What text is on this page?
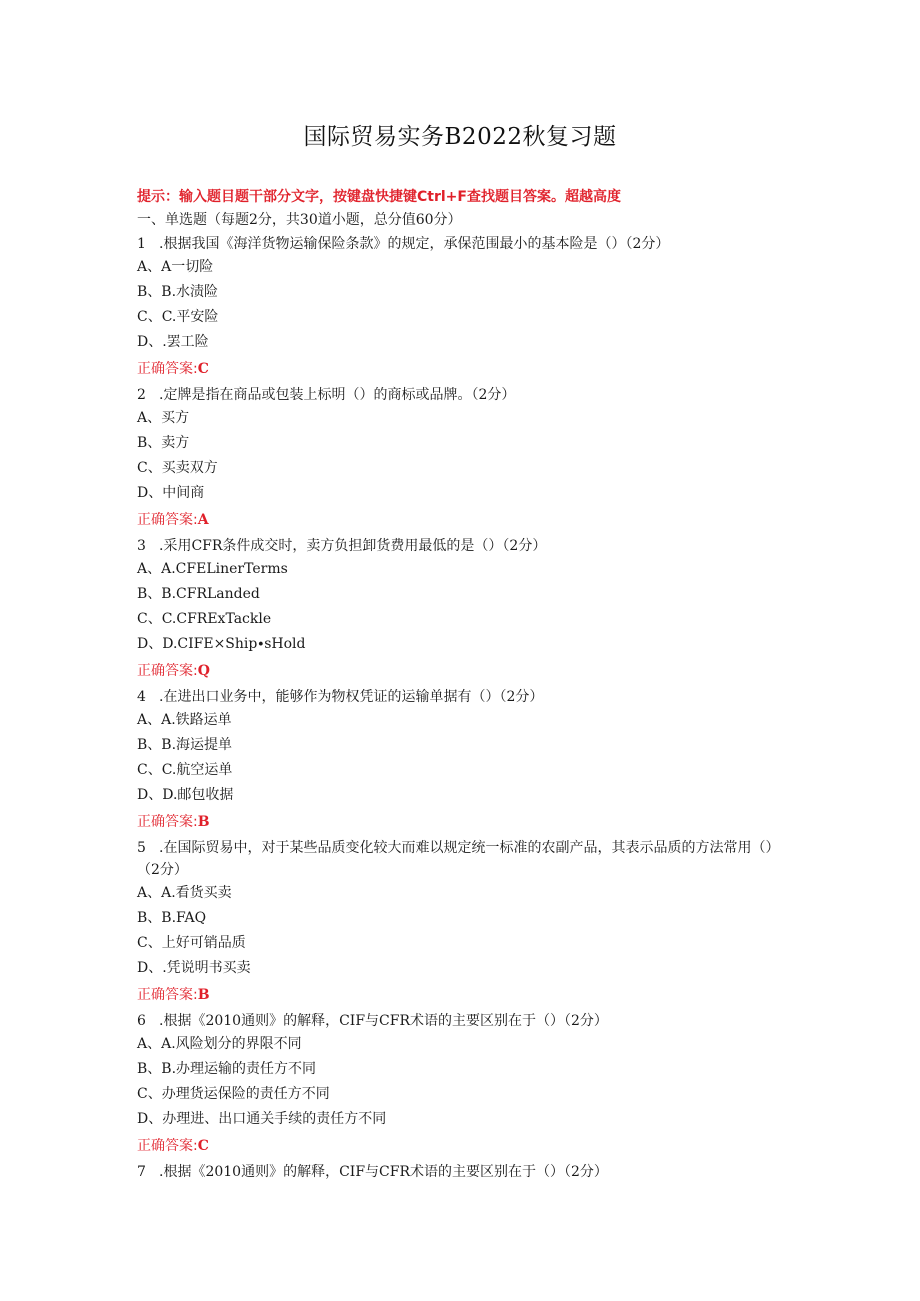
国际贸易实务B2022秋复习题
提示：输入题目题干部分文字，按键盘快捷键Ctrl+F查找题目答案。超越高度
一、单选题（每题2分，共30道小题，总分值60分）

1 .根据我国《海洋货物运输保险条款》的规定，承保范围最小的基本险是（）（2分）

A、A一切险

B、B.水渍险

C、C.平安险

D、.罢工险

正确答案:C

2 .定牌是指在商品或包装上标明（）的商标或品牌。（2分）

A、买方

B、卖方

C、买卖双方

D、中间商

正确答案:A

3 .采用CFR条件成交时，卖方负担卸货费用最低的是（）（2分）

A、A.CFELinerTerms

B、B.CFRLanded

C、C.CFRExTackle

D、D.CIFE×Ship∙sHold

正确答案:Q

4 .在进出口业务中，能够作为物权凭证的运输单据有（）（2分）

A、A.铁路运单

B、B.海运提单

C、C.航空运单

D、D.邮包收据

正确答案:B

5 .在国际贸易中，对于某些品质变化较大而难以规定统一标准的农副产品，其表示品质的方法常用（）（2分）

A、A.看货买卖

B、B.FAQ

C、上好可销品质

D、.凭说明书买卖

正确答案:B

6 .根据《2010通则》的解释，CIF与CFR术语的主要区别在于（）（2分）

A、A.风险划分的界限不同

B、B.办理运输的责任方不同

C、办理货运保险的责任方不同

D、办理进、出口通关手续的责任方不同

正确答案:C

7 .根据《2010通则》的解释，CIF与CFR术语的主要区别在于（）（2分）
